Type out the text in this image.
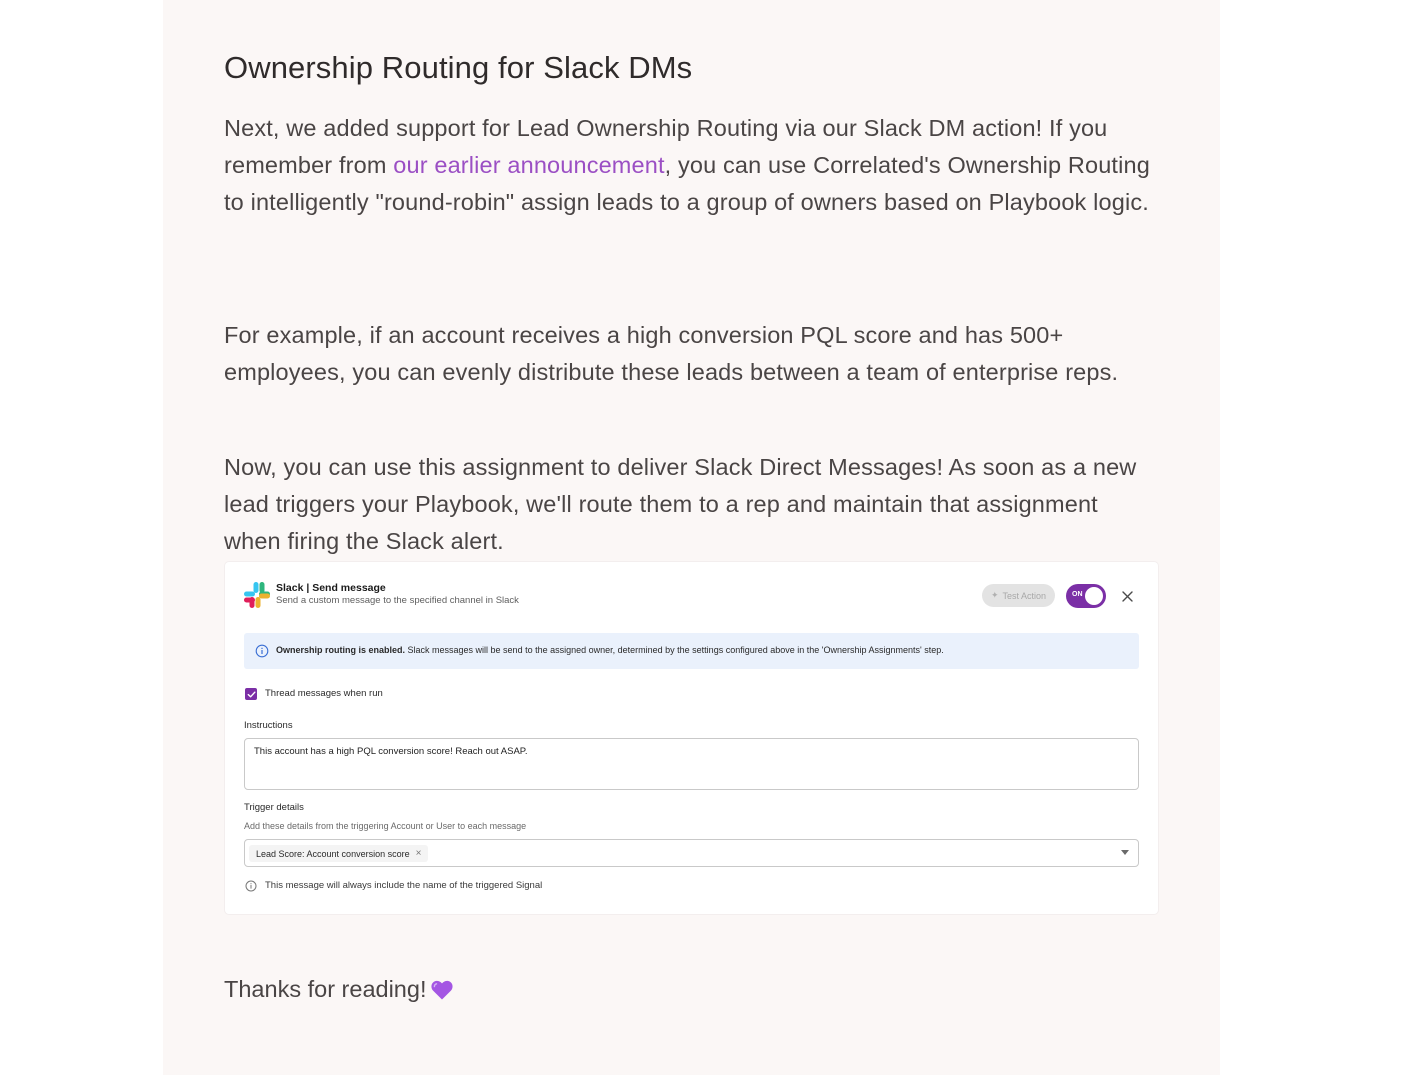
Ownership Routing for Slack DMs

Next, we added support for Lead Ownership Routing via our Slack DM action! If you remember from our earlier announcement, you can use Correlated's Ownership Routing to intelligently "round-robin" assign leads to a group of owners based on Playbook logic.

For example, if an account receives a high conversion PQL score and has 500+ employees, you can evenly distribute these leads between a team of enterprise reps.

Now, you can use this assignment to deliver Slack Direct Messages! As soon as a new lead triggers your Playbook, we'll route them to a rep and maintain that assignment when firing the Slack alert.

Thanks for reading!

Slack | Send message
Send a custom message to the specified channel in Slack	✦ Test Action	ON
Ownership routing is enabled. Slack messages will be send to the assigned owner, determined by the settings configured above in the 'Ownership Assignments' step.
Thread messages when run
Instructions
This account has a high PQL conversion score! Reach out ASAP.
Trigger details
Add these details from the triggering Account or User to each message
Lead Score: Account conversion score ×
This message will always include the name of the triggered Signal
